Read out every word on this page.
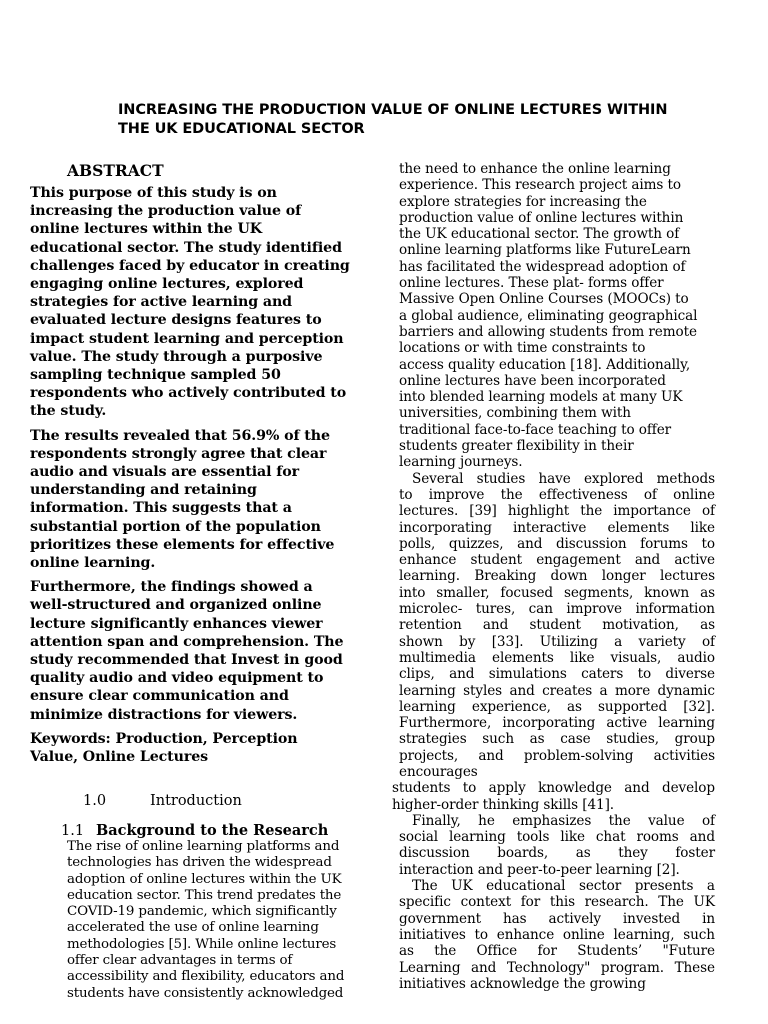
INCREASING THE PRODUCTION VALUE OF ONLINE LECTURES WITHIN
THE UK EDUCATIONAL SECTOR
ABSTRACT
This purpose of this study is on
increasing the production value of
online lectures within the UK
educational sector. The study identified
challenges faced by educator in creating
engaging online lectures, explored
strategies for active learning and
evaluated lecture designs features to
impact student learning and perception
value. The study through a purposive
sampling technique sampled 50
respondents who actively contributed to
the study.
The results revealed that 56.9% of the
respondents strongly agree that clear
audio and visuals are essential for
understanding and retaining
information. This suggests that a
substantial portion of the population
prioritizes these elements for effective
online learning.
Furthermore, the findings showed a
well-structured and organized online
lecture significantly enhances viewer
attention span and comprehension. The
study recommended that Invest in good
quality audio and video equipment to
ensure clear communication and
minimize distractions for viewers.
Keywords: Production, Perception
Value, Online Lectures
1.0	Introduction
1.1 Background to the Research
The rise of online learning platforms and
technologies has driven the widespread
adoption of online lectures within the UK
education sector. This trend predates the
COVID-19 pandemic, which significantly
accelerated the use of online learning
methodologies [5]. While online lectures
offer clear advantages in terms of
accessibility and flexibility, educators and
students have consistently acknowledged
the need to enhance the online learning
experience. This research project aims to
explore strategies for increasing the
production value of online lectures within
the UK educational sector. The growth of
online learning platforms like FutureLearn
has facilitated the widespread adoption of
online lectures. These plat- forms offer
Massive Open Online Courses (MOOCs) to
a global audience, eliminating geographical
barriers and allowing students from remote
locations or with time constraints to
access quality education [18]. Additionally,
online lectures have been incorporated
into blended learning models at many UK
universities, combining them with
traditional face-to-face teaching to offer
students greater flexibility in their
learning journeys.
Several studies have explored methods
to improve the effectiveness of online
lectures. [39] highlight the importance of
incorporating interactive elements like
polls, quizzes, and discussion forums to
enhance student engagement and active
learning. Breaking down longer lectures
into smaller, focused segments, known as
microlec- tures, can improve information
retention and student motivation, as
shown by [33]. Utilizing a variety of
multimedia elements like visuals, audio
clips, and simulations caters to diverse
learning styles and creates a more dynamic
learning experience, as supported [32].
Furthermore, incorporating active learning
strategies such as case studies, group
projects, and problem-solving activities
encourages
students to apply knowledge and develop
higher-order thinking skills [41].
Finally, he emphasizes the value of
social learning tools like chat rooms and
discussion boards, as they foster
interaction and peer-to-peer learning [2].
The UK educational sector presents a
specific context for this research. The UK
government has actively invested in
initiatives to enhance online learning, such
as the Office for Students’ "Future
Learning and Technology" program. These
initiatives acknowledge the growing
